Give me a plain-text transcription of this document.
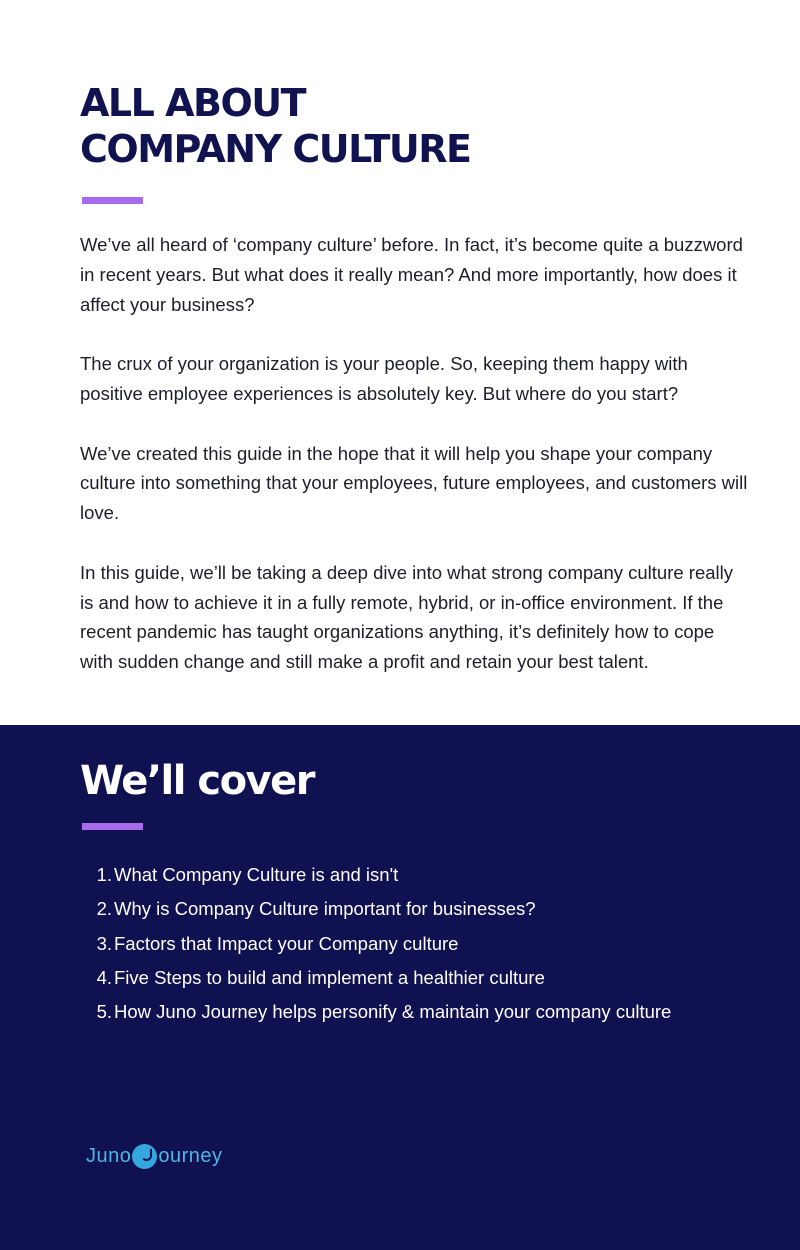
ALL ABOUT
COMPANY CULTURE

We’ve all heard of ‘company culture’ before. In fact, it’s become quite a buzzword in recent years. But what does it really mean? And more importantly, how does it affect your business?

The crux of your organization is your people. So, keeping them happy with positive employee experiences is absolutely key. But where do you start?

We’ve created this guide in the hope that it will help you shape your company culture into something that your employees, future employees, and customers will love.

In this guide, we’ll be taking a deep dive into what strong company culture really is and how to achieve it in a fully remote, hybrid, or in-office environment. If the recent pandemic has taught organizations anything, it’s definitely how to cope with sudden change and still make a profit and retain your best talent.

We’ll cover
1. What Company Culture is and isn't
2. Why is Company Culture important for businesses?
3. Factors that Impact your Company culture
4. Five Steps to build and implement a healthier culture
5. How Juno Journey helps personify & maintain your company culture
Juno ourney
